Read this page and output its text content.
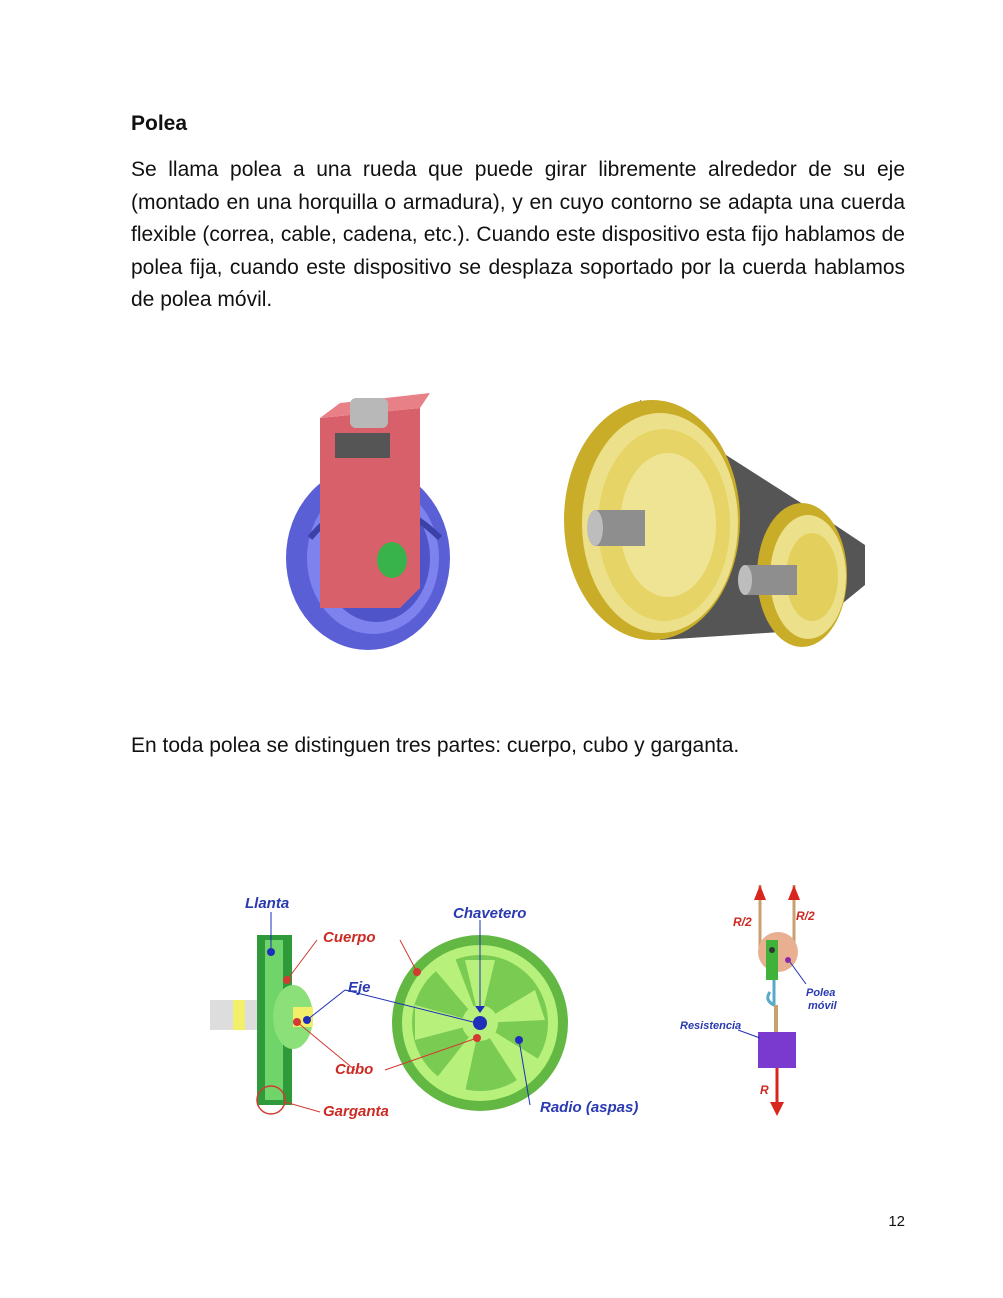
Polea

Se llama polea a una rueda que puede girar libremente alrededor de su eje (montado en una horquilla o armadura), y en cuyo contorno se adapta una cuerda flexible (correa, cable, cadena, etc.). Cuando este dispositivo esta fijo hablamos de polea fija, cuando este dispositivo se desplaza soportado por la cuerda hablamos de polea móvil.

En toda polea se distinguen tres partes: cuerpo, cubo y garganta.

Llanta
Cuerpo
Eje
Cubo
Garganta
Chavetero
Radio (aspas)
R/2	R/2
Polea
móvil
Resistencia
R
12
